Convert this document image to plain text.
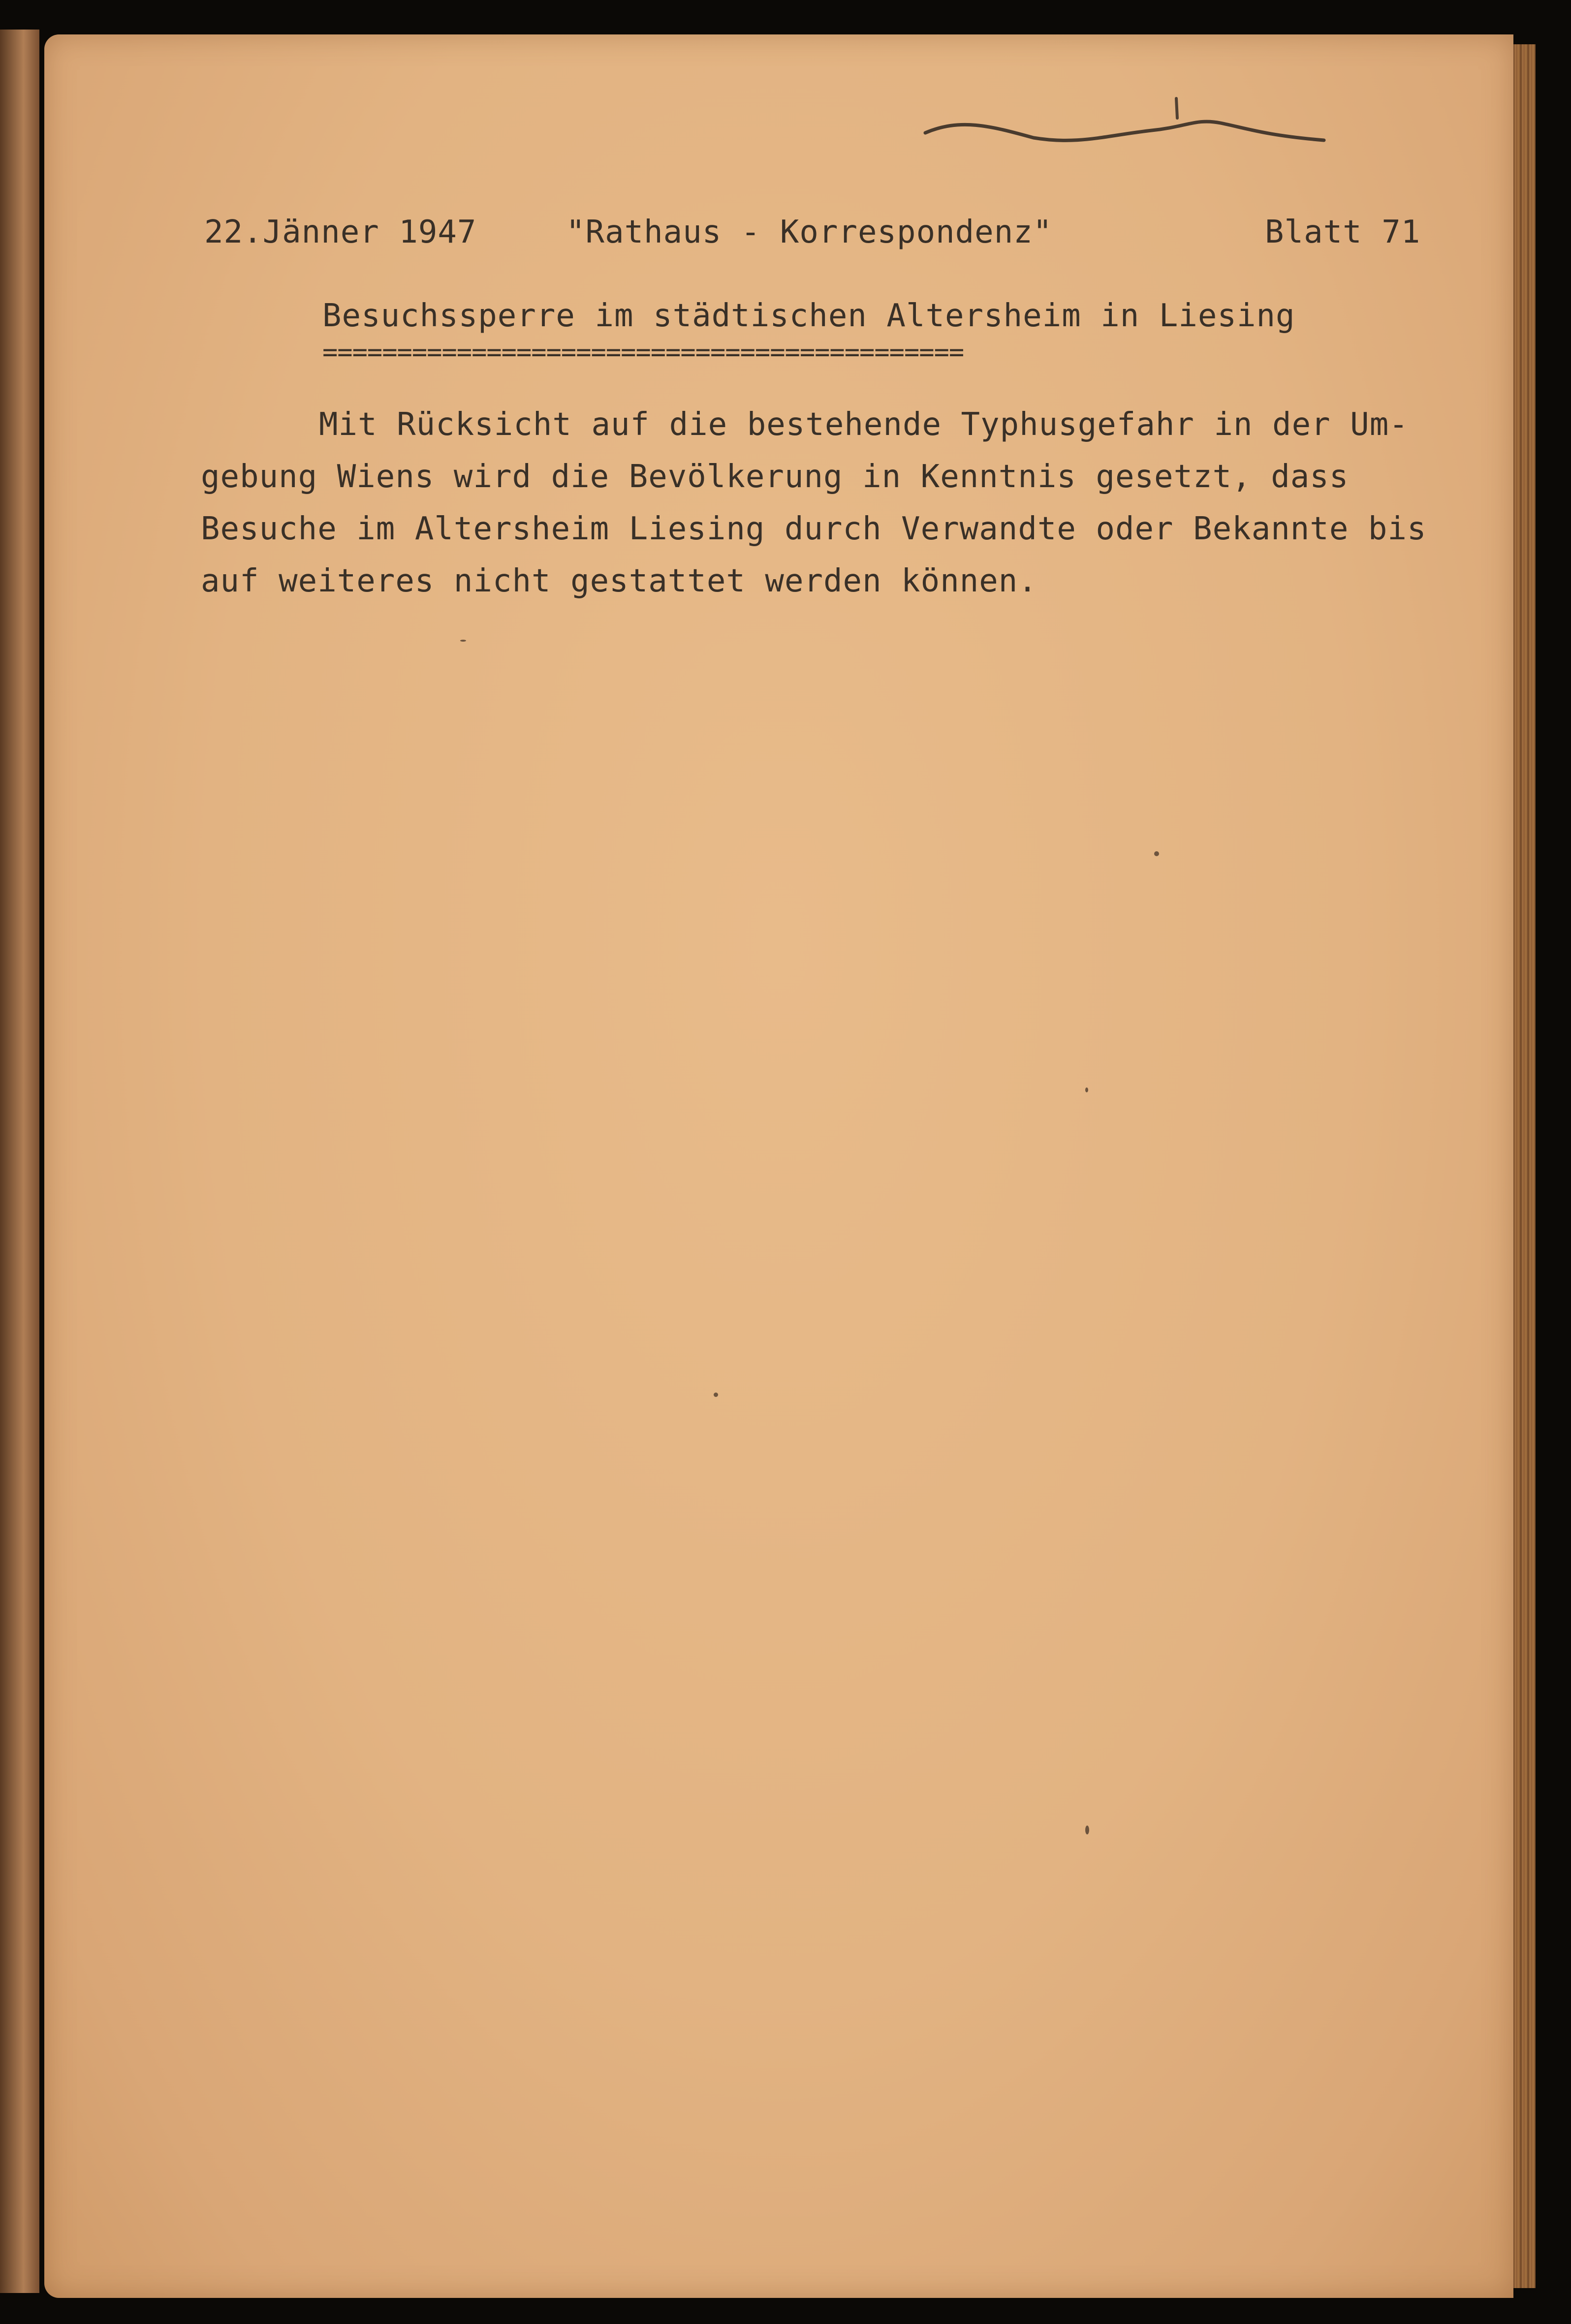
22.Jänner 1947	"Rathaus - Korrespondenz"	Blatt 71
Besuchssperre im städtischen Altersheim in Liesing
===========================================
Mit Rücksicht auf die bestehende Typhusgefahr in der Um-
gebung Wiens wird die Bevölkerung in Kenntnis gesetzt, dass
Besuche im Altersheim Liesing durch Verwandte oder Bekannte bis
auf weiteres nicht gestattet werden können.
